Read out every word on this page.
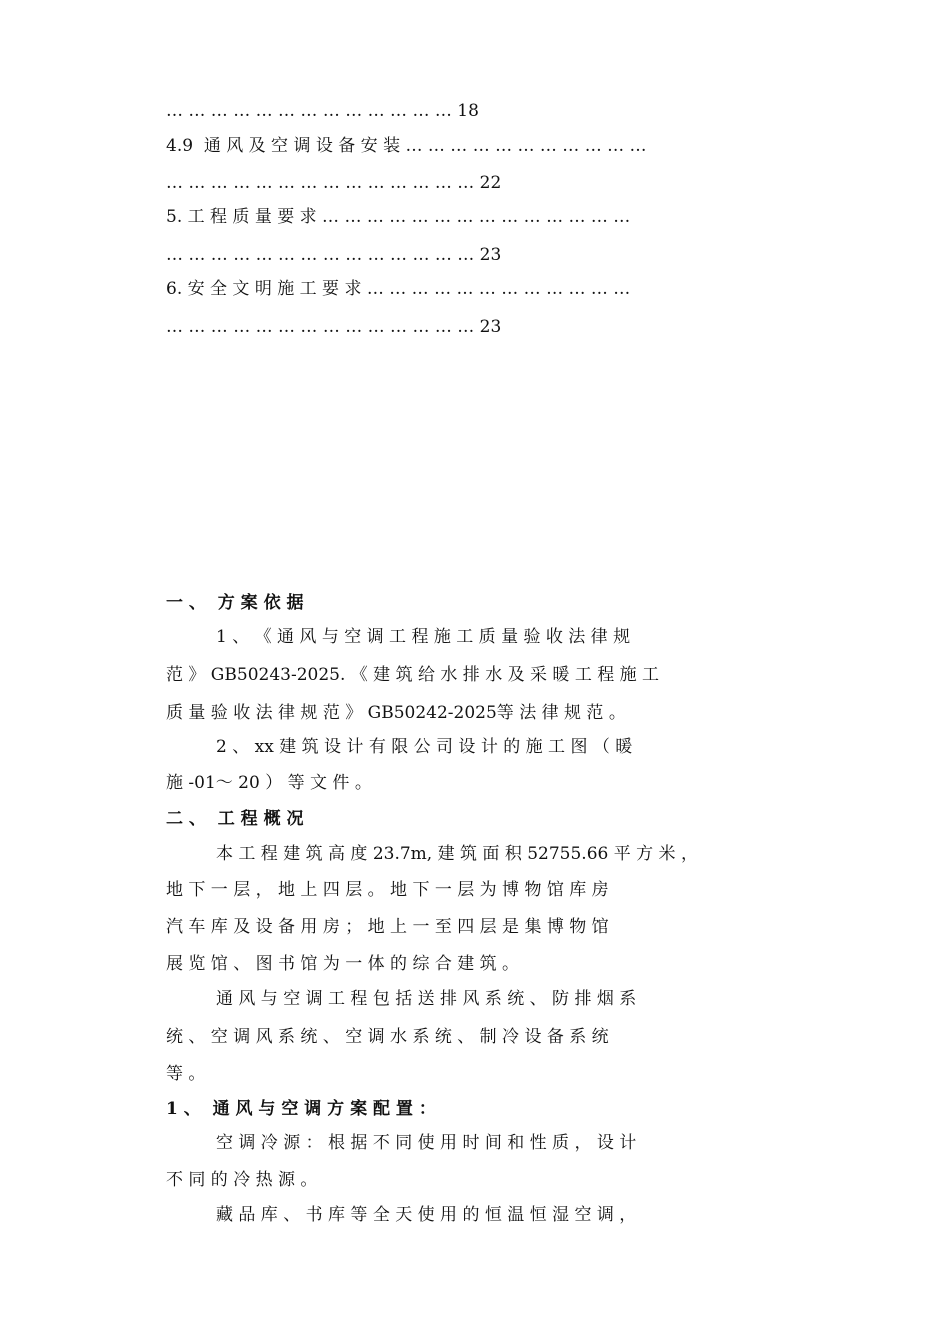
… … … … … … … … … … … … … 18
4.9  通 风 及 空 调 设 备 安 装 … … … … … … … … … … …
… … … … … … … … … … … … … … 22
5. 工 程 质 量 要 求 … … … … … … … … … … … … … …
… … … … … … … … … … … … … … 23
6. 安 全 文 明 施 工 要 求 … … … … … … … … … … … …
… … … … … … … … … … … … … … 23
一 、  方 案 依 据
1 、 《 通 风 与 空 调 工 程 施 工 质 量 验 收 法 律 规
范 》 GB50243-2025. 《 建 筑 给 水 排 水 及 采 暖 工 程 施 工
质 量 验 收 法 律 规 范 》 GB50242-2025等 法 律 规 范 。
2 、 xx 建 筑 设 计 有 限 公 司 设 计 的 施 工 图 （ 暖
施 -01～ 20 ） 等 文 件 。
二 、  工 程 概 况
本 工 程 建 筑 高 度 23.7m, 建 筑 面 积 52755.66 平 方 米 ，
地 下 一 层 ， 地 上 四 层 。 地 下 一 层 为 博 物 馆 库 房
汽 车 库 及 设 备 用 房 ； 地 上 一 至 四 层 是 集 博 物 馆
展 览 馆 、 图 书 馆 为 一 体 的 综 合 建 筑 。
通 风 与 空 调 工 程 包 括 送 排 风 系 统 、 防 排 烟 系
统 、 空 调 风 系 统 、 空 调 水 系 统 、 制 冷 设 备 系 统
等 。
1 、  通 风 与 空 调 方 案 配 置 ：
空 调 冷 源 ： 根 据 不 同 使 用 时 间 和 性 质 ， 设 计
不 同 的 冷 热 源 。
藏 品 库 、 书 库 等 全 天 使 用 的 恒 温 恒 湿 空 调 ，
